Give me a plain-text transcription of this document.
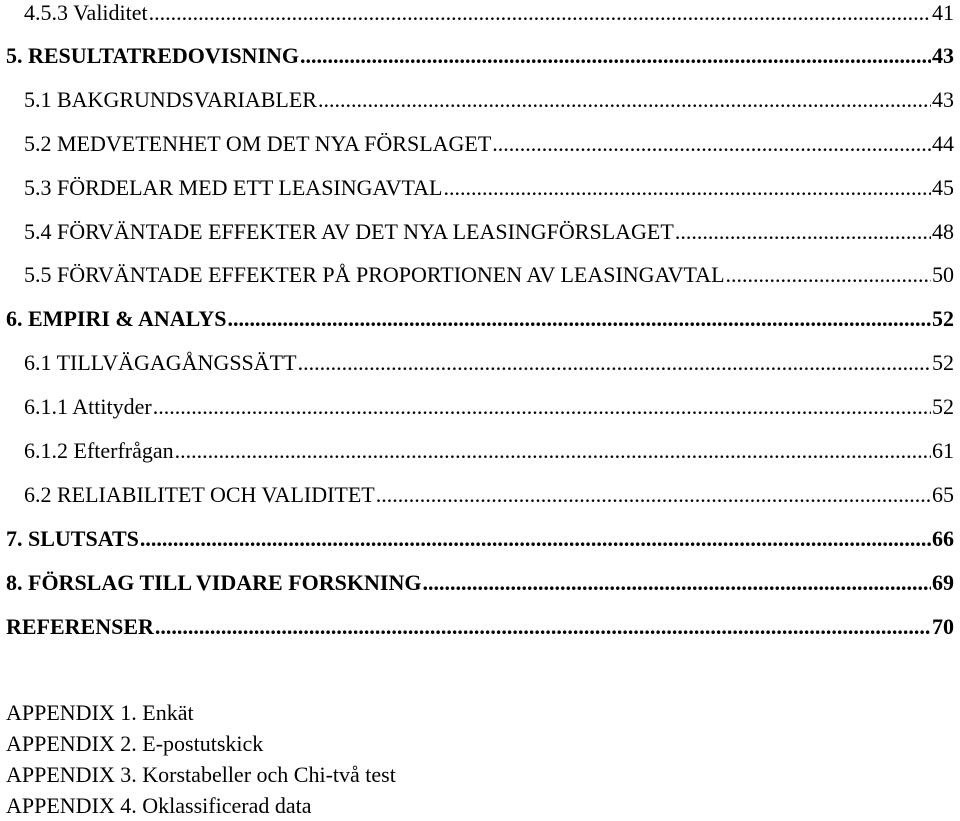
4.5.3 Validitet .....	41
5. RESULTATREDOVISNING .....	43
5.1 BAKGRUNDSVARIABLER .....	43
5.2 MEDVETENHET OM DET NYA FÖRSLAGET .....	44
5.3 FÖRDELAR MED ETT LEASINGAVTAL .....	45
5.4 FÖRVÄNTADE EFFEKTER AV DET NYA LEASINGFÖRSLAGET .....	48
5.5 FÖRVÄNTADE EFFEKTER PÅ PROPORTIONEN AV LEASINGAVTAL .....	50
6. EMPIRI & ANALYS .....	52
6.1 TILLVÄGAGÅNGSSÄTT .....	52
6.1.1 Attityder .....	52
6.1.2 Efterfrågan .....	61
6.2 RELIABILITET OCH VALIDITET .....	65
7. SLUTSATS .....	66
8. FÖRSLAG TILL VIDARE FORSKNING .....	69
REFERENSER .....	70
APPENDIX 1. Enkät
APPENDIX 2. E-postutskick
APPENDIX 3. Korstabeller och Chi-två test
APPENDIX 4. Oklassificerad data
